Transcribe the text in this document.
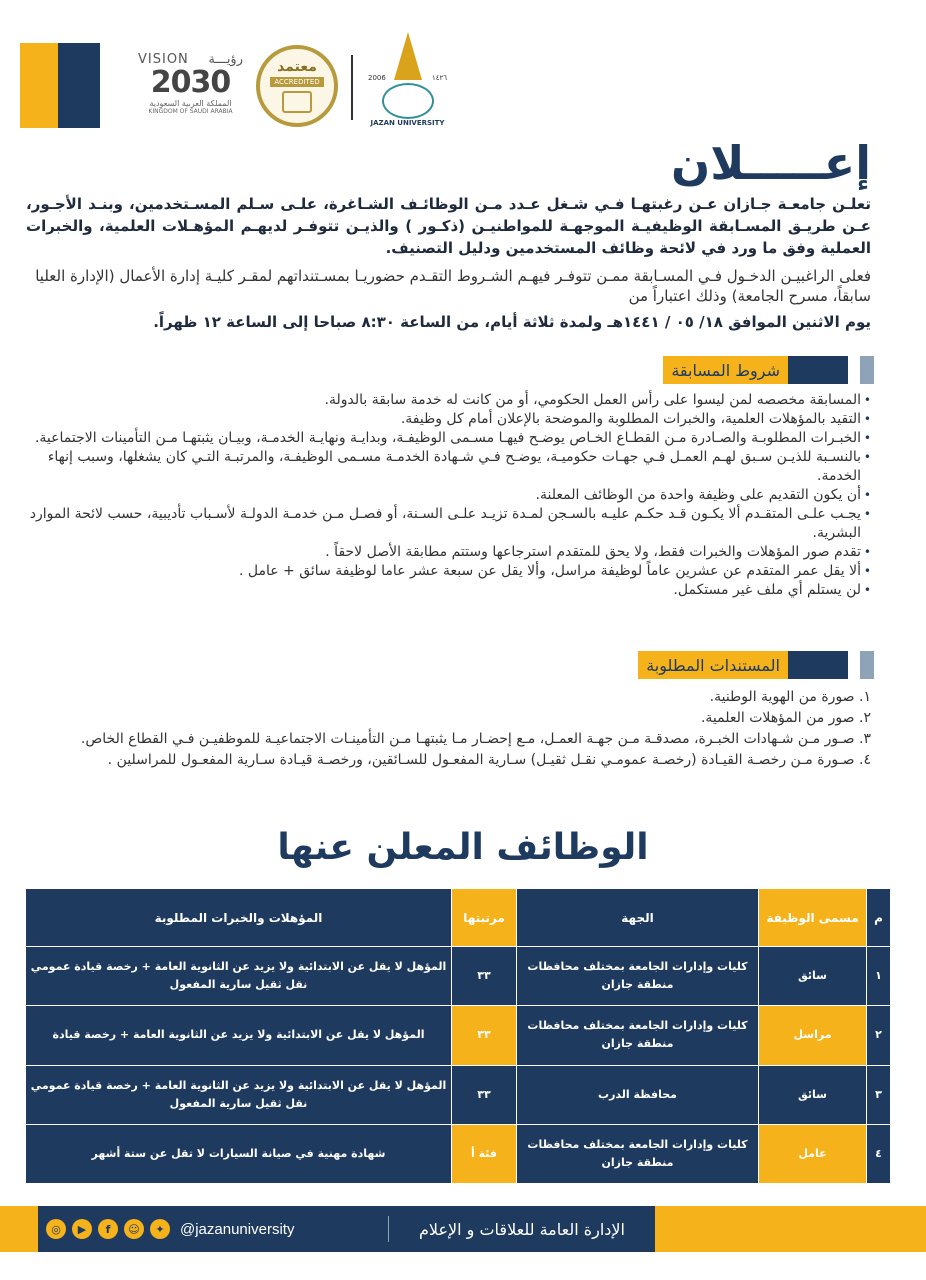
VISION رؤيـــة
2030
المملكة العربية السعودية
KINGDOM OF SAUDI ARABIA
معتمد
ACCREDITED	2006	١٤٢٦
JAZAN UNIVERSITY
إعـــــلان

تعلـن جامعـة جـازان عـن رغبتهـا فـي شـغل عـدد مـن الوظائـف الشـاغرة، علـى سـلم المسـتخدمين، وبنـد الأجـور، عـن طريـق المسـابقة الوظيفيـة الموجهـة للمواطنيـن (ذكـور ) والذيـن تتوفـر لديهـم المؤهـلات العلمية، والخبرات العملية وفق ما ورد في لائحة وظائف المستخدمين ودليل التصنيف.

فعلى الراغبيـن الدخـول فـي المسـابقة ممـن تتوفـر فيهـم الشـروط التقـدم حضوريـا بمسـتنداتهم لمقـر كليـة إدارة الأعمال (الإدارة العليا سابقاً، مسرح الجامعة) وذلك اعتباراً من

يوم الاثنين الموافق ١٨/ ٠٥ / ١٤٤١هـ ولمدة ثلاثة أيام، من الساعة ٨:٣٠ صباحا إلى الساعة ١٢ ظهراً.

شروط المسابقة
• المسابقة مخصصه لمن ليسوا على رأس العمل الحكومي، أو من كانت له خدمة سابقة بالدولة.
• التقيد بالمؤهلات العلمية، والخبرات المطلوبة والموضحة بالإعلان أمام كل وظيفة.
• الخبـرات المطلوبـة والصـادرة مـن القطـاع الخـاص يوضـح فيهـا مسـمى الوظيفـة، وبدايـة ونهايـة الخدمـة، وبيـان يثبتهـا مـن التأمينات الاجتماعية.
• بالنسـبة للذيـن سـبق لهـم العمـل فـي جهـات حكوميـة، يوضـح فـي شـهادة الخدمـة مسـمى الوظيفـة، والمرتبـة التـي كان يشغلها، وسبب إنهاء الخدمة.
• أن يكون التقديم على وظيفة واحدة من الوظائف المعلنة.
• يجـب علـى المتقـدم ألا يكـون قـد حكـم عليـه بالسـجن لمـدة تزيـد علـى السـنة، أو فصـل مـن خدمـة الدولـة لأسـباب تأديبية، حسب لائحة الموارد البشرية.
• تقدم صور المؤهلات والخبرات فقط، ولا يحق للمتقدم استرجاعها وستتم مطابقة الأصل لاحقاً .
• ألا يقل عمر المتقدم عن عشرين عاماً لوظيفة مراسل، وألا يقل عن سبعة عشر عاما لوظيفة سائق + عامل .
• لن يستلم أي ملف غير مستكمل.
المستندات المطلوبة
١. صورة من الهوية الوطنية.
٢. صور من المؤهلات العلمية.
٣. صـور مـن شـهادات الخبـرة، مصدقـة مـن جهـة العمـل، مـع إحضـار مـا يثبتهـا مـن التأمينـات الاجتماعيـة للموظفيـن فـي القطاع الخاص.
٤. صـورة مـن رخصـة القيـادة (رخصـة عمومـي نقـل ثقيـل) سـارية المفعـول للسـائقين، ورخصـة قيـادة سـارية المفعـول للمراسلين .
الوظائف المعلن عنها
م	مسمى الوظيفة	الجهة	مرتبتها	المؤهلات والخبرات المطلوبة
١	سائق	كليات وإدارات الجامعة بمختلف محافظات منطقة جازان	٣٣	المؤهل لا يقل عن الابتدائية ولا يزيد عن الثانوية العامة + رخصة قيادة عمومي نقل ثقيل سارية المفعول
٢	مراسل	كليات وإدارات الجامعة بمختلف محافظات منطقة جازان	٣٣	المؤهل لا يقل عن الابتدائية ولا يزيد عن الثانوية العامة + رخصة قيادة
٣	سائق	محافظة الدرب	٣٣	المؤهل لا يقل عن الابتدائية ولا يزيد عن الثانوية العامة + رخصة قيادة عمومي نقل ثقيل سارية المفعول
٤	عامل	كليات وإدارات الجامعة بمختلف محافظات منطقة جازان	فئة أ	شهادة مهنية في صيانة السيارات لا تقل عن ستة أشهر
◎	▶	f	☺	✦	@jazanuniversity	الإدارة العامة للعلاقات و الإعلام
